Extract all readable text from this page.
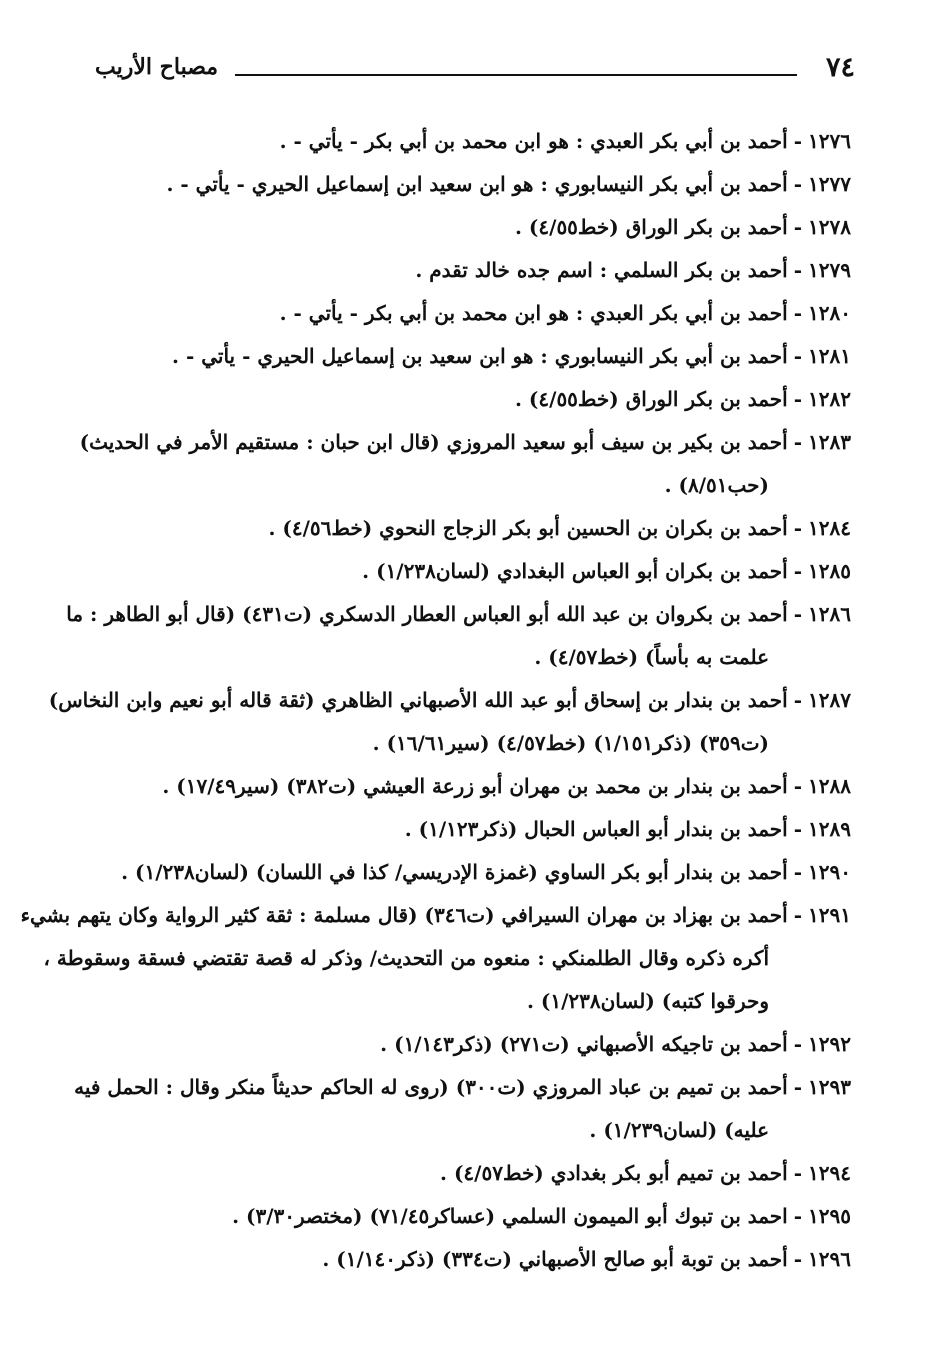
٧٤
مصباح الأريب
١٢٧٦-أحمد بن أبي بكر العبدي : هو ابن محمد بن أبي بكر - يأتي - .
١٢٧٧-أحمد بن أبي بكر النيسابوري : هو ابن سعيد ابن إسماعيل الحيري - يأتي - .
١٢٧٨-أحمد بن بكر الوراق (خط٤/٥٥) .
١٢٧٩-أحمد بن بكر السلمي : اسم جده خالد تقدم .
١٢٨٠-أحمد بن أبي بكر العبدي : هو ابن محمد بن أبي بكر - يأتي - .
١٢٨١-أحمد بن أبي بكر النيسابوري : هو ابن سعيد بن إسماعيل الحيري - يأتي - .
١٢٨٢-أحمد بن بكر الوراق (خط٤/٥٥) .
١٢٨٣-أحمد بن بكير بن سيف أبو سعيد المروزي (قال ابن حبان : مستقيم الأمر في الحديث)
(حب٨/٥١) .
١٢٨٤-أحمد بن بكران بن الحسين أبو بكر الزجاج النحوي (خط٤/٥٦) .
١٢٨٥-أحمد بن بكران أبو العباس البغدادي (لسان١/٢٣٨) .
١٢٨٦-أحمد بن بكروان بن عبد الله أبو العباس العطار الدسكري (ت٤٣١) (قال أبو الطاهر : ما
علمت به بأساً) (خط٤/٥٧) .
١٢٨٧-أحمد بن بندار بن إسحاق أبو عبد الله الأصبهاني الظاهري (ثقة قاله أبو نعيم وابن النخاس)
(ت٣٥٩) (ذكر١/١٥١) (خط٤/٥٧) (سير١٦/٦١) .
١٢٨٨-أحمد بن بندار بن محمد بن مهران أبو زرعة العيشي (ت٣٨٢) (سير١٧/٤٩) .
١٢٨٩-أحمد بن بندار أبو العباس الحبال (ذكر١/١٢٣) .
١٢٩٠-أحمد بن بندار أبو بكر الساوي (غمزة الإدريسي/ كذا في اللسان) (لسان١/٢٣٨) .
١٢٩١-أحمد بن بهزاد بن مهران السيرافي (ت٣٤٦) (قال مسلمة : ثقة كثير الرواية وكان يتهم بشيء
أكره ذكره وقال الطلمنكي : منعوه من التحديث/ وذكر له قصة تقتضي فسقة وسقوطة ،
وحرقوا كتبه) (لسان١/٢٣٨) .
١٢٩٢-أحمد بن تاجيكه الأصبهاني (ت٢٧١) (ذكر١/١٤٣) .
١٢٩٣-أحمد بن تميم بن عباد المروزي (ت٣٠٠) (روى له الحاكم حديثاً منكر وقال : الحمل فيه
عليه) (لسان١/٢٣٩) .
١٢٩٤-أحمد بن تميم أبو بكر بغدادي (خط٤/٥٧) .
١٢٩٥-احمد بن تبوك أبو الميمون السلمي (عساكر٧١/٤٥) (مختصر٣/٣٠) .
١٢٩٦-أحمد بن توبة أبو صالح الأصبهاني (ت٣٣٤) (ذكر١/١٤٠) .
